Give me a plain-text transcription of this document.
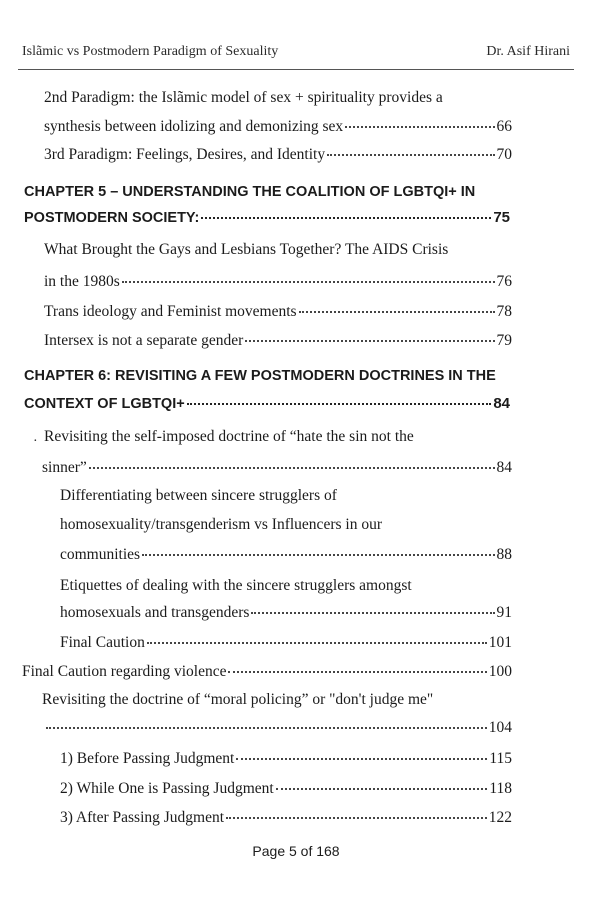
Islãmic vs Postmodern Paradigm of Sexuality	Dr. Asif Hirani
2nd Paradigm: the Islãmic model of sex + spirituality provides a
synthesis between idolizing and demonizing sex	66
3rd Paradigm: Feelings, Desires, and Identity	70
CHAPTER 5 – UNDERSTANDING THE COALITION OF LGBTQI+ IN
POSTMODERN SOCIETY:	75
What Brought the Gays and Lesbians Together? The AIDS Crisis
in the 1980s	76
Trans ideology and Feminist movements	78
Intersex is not a separate gender	79
CHAPTER 6: REVISITING A FEW POSTMODERN DOCTRINES IN THE
CONTEXT OF LGBTQI+	84
· Revisiting the self-imposed doctrine of “hate the sin not the
sinner”	84
Differentiating between sincere strugglers of
homosexuality/transgenderism vs Influencers in our
communities	88
Etiquettes of dealing with the sincere strugglers amongst
homosexuals and transgenders	91
Final Caution	101
Final Caution regarding violence	100
Revisiting the doctrine of “moral policing” or "don't judge me"
104
1) Before Passing Judgment	115
2) While One is Passing Judgment	118
3) After Passing Judgment	122
Page 5 of 168
